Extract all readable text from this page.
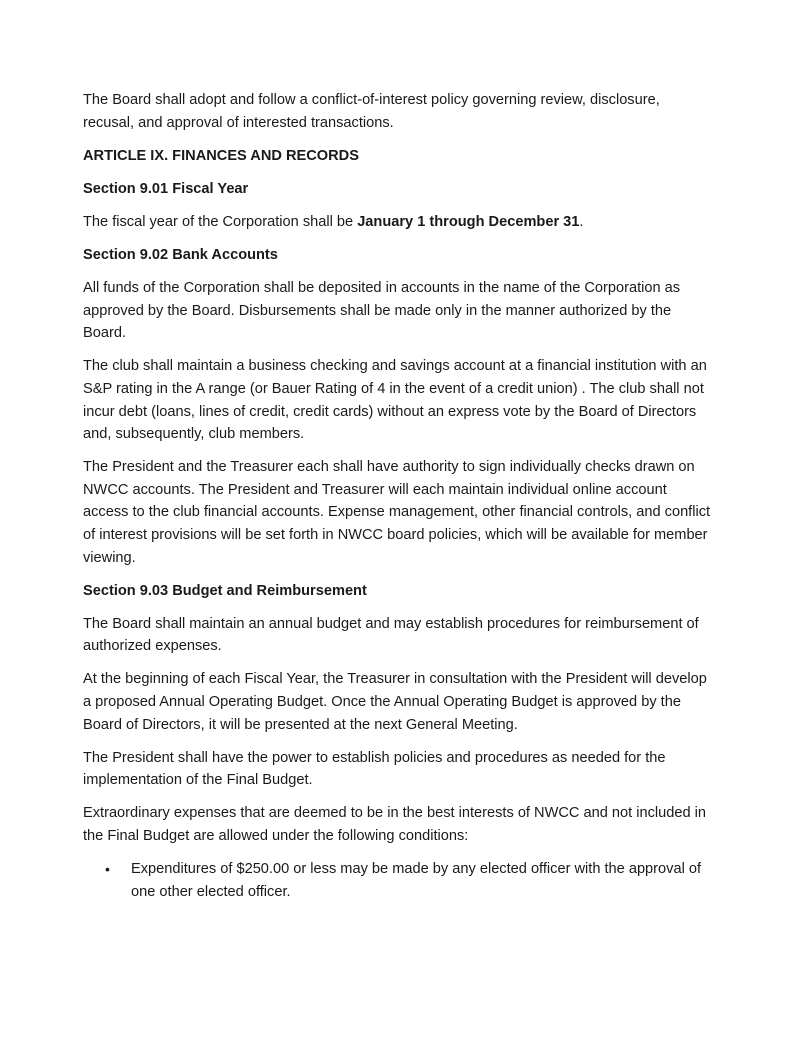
The Board shall adopt and follow a conflict-of-interest policy governing review, disclosure, recusal, and approval of interested transactions.

ARTICLE IX. FINANCES AND RECORDS
Section 9.01 Fiscal Year

The fiscal year of the Corporation shall be January 1 through December 31.

Section 9.02 Bank Accounts

All funds of the Corporation shall be deposited in accounts in the name of the Corporation as approved by the Board. Disbursements shall be made only in the manner authorized by the Board.

The club shall maintain a business checking and savings account at a financial institution with an S&P rating in the A range (or Bauer Rating of 4 in the event of a credit union) . The club shall not incur debt (loans, lines of credit, credit cards) without an express vote by the Board of Directors and, subsequently, club members.

The President and the Treasurer each shall have authority to sign individually checks drawn on NWCC accounts. The President and Treasurer will each maintain individual online account access to the club financial accounts. Expense management, other financial controls, and conflict of interest provisions will be set forth in NWCC board policies, which will be available for member viewing.

Section 9.03 Budget and Reimbursement

The Board shall maintain an annual budget and may establish procedures for reimbursement of authorized expenses.

At the beginning of each Fiscal Year, the Treasurer in consultation with the President will develop a proposed Annual Operating Budget. Once the Annual Operating Budget is approved by the Board of Directors, it will be presented at the next General Meeting.

The President shall have the power to establish policies and procedures as needed for the implementation of the Final Budget.

Extraordinary expenses that are deemed to be in the best interests of NWCC and not included in the Final Budget are allowed under the following conditions:

• Expenditures of $250.00 or less may be made by any elected officer with the approval of one other elected officer.
